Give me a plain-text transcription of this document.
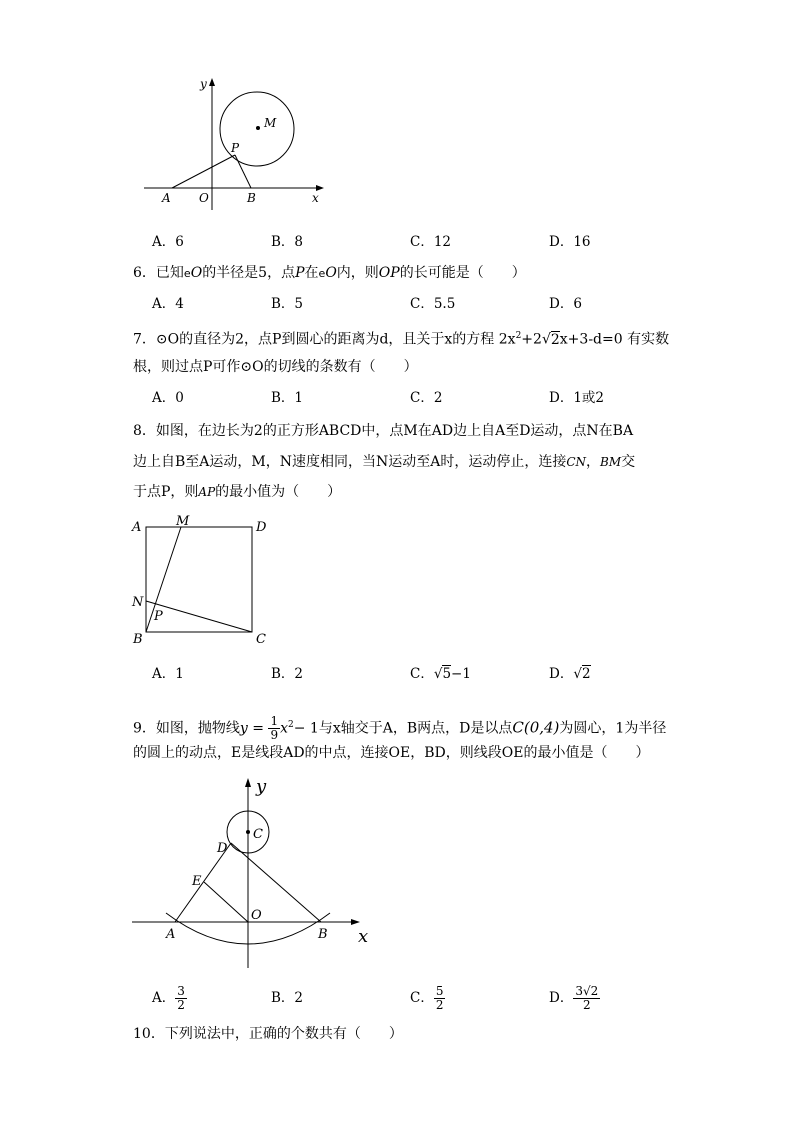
y
M
P
A O	B	x
A．6	B．8	C．12	D．16
6．已知eO的半径是5，点P在eO内，则OP的长可能是（　　）
A．4	B．5	C．5.5	D．6
7．⊙O的直径为2，点P到圆心的距离为d，且关于x的方程 $2x^2+2√2x+3-d=0$ 有实数
根，则过点P可作⊙O的切线的条数有（　　）
A．0	B．1	C．2	D．1或2
8．如图，在边长为2的正方形ABCD中，点M在AD边上自A至D运动，点N在BA
边上自B至A运动，M，N速度相同，当N运动至A时，运动停止，连接CN，BM交
于点P，则AP的最小值为（　　）
A	M	D
N
P
B	C
A．1	B．2	C．√5−1	D．√2
9．如图，抛物线$y = \frac{1}{9} x^2- 1$与x轴交于A，B两点，D是以点C(0,4)为圆心，1为半径
的圆上的动点，E是线段AD的中点，连接OE，BD，则线段OE的最小值是（　　）
y
C
D
E
O
A	B x
A． $\frac{3}{2}$	B．2	C． $\frac{5}{2}$	D． $\frac{3√2}{2}$
10．下列说法中，正确的个数共有（　　）
